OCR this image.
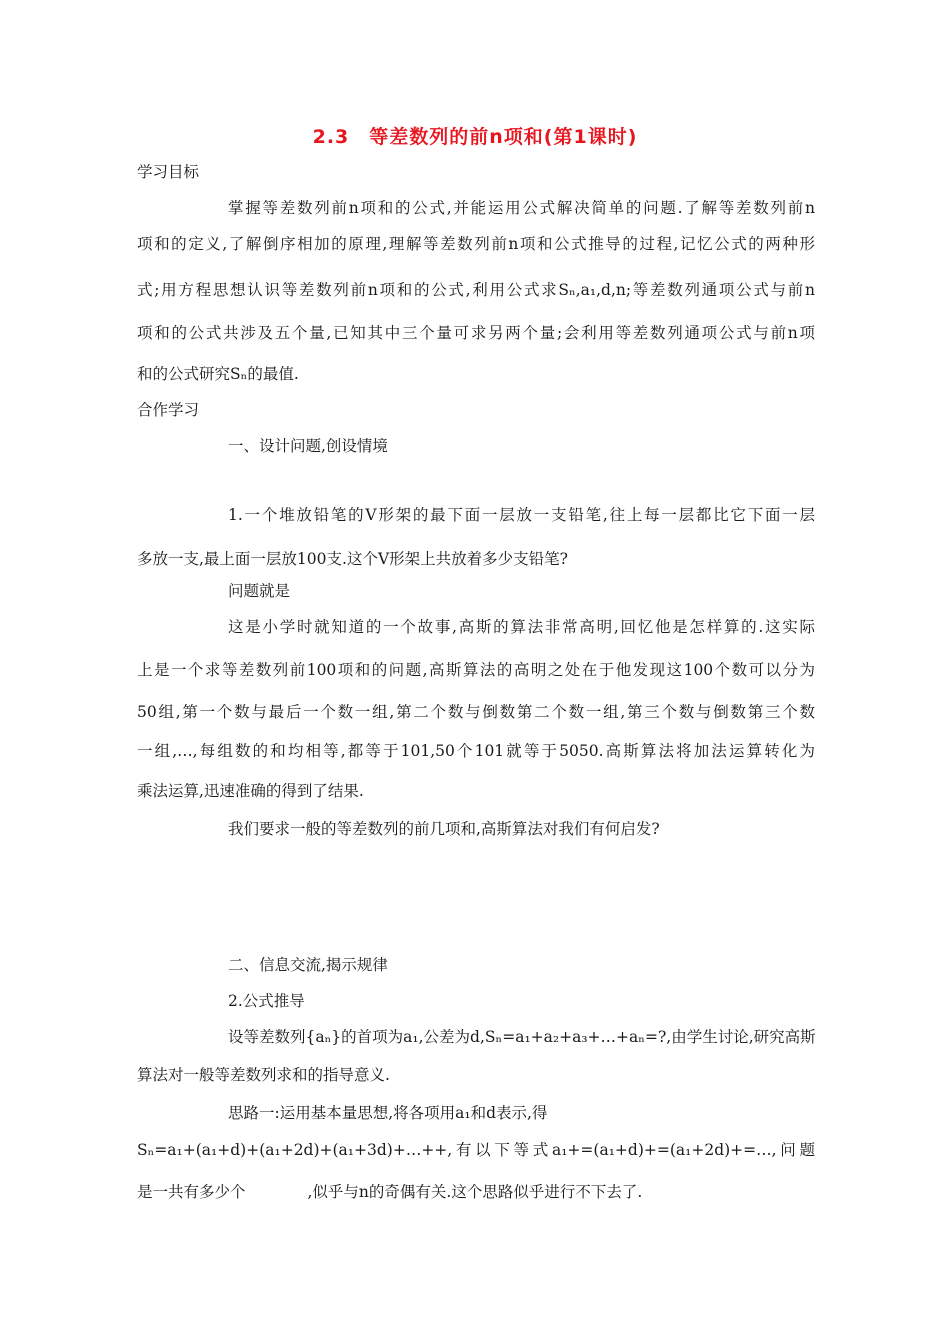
2.3　等差数列的前n项和(第1课时)
学习目标
掌握等差数列前n项和的公式,并能运用公式解决简单的问题.了解等差数列前n
项和的定义,了解倒序相加的原理,理解等差数列前n项和公式推导的过程,记忆公式的两种形
式;用方程思想认识等差数列前n项和的公式,利用公式求Sₙ,a₁,d,n;等差数列通项公式与前n
项和的公式共涉及五个量,已知其中三个量可求另两个量;会利用等差数列通项公式与前n项
和的公式研究Sₙ的最值.
合作学习
一、设计问题,创设情境
1.一个堆放铅笔的V形架的最下面一层放一支铅笔,往上每一层都比它下面一层
多放一支,最上面一层放100支.这个V形架上共放着多少支铅笔?
问题就是
这是小学时就知道的一个故事,高斯的算法非常高明,回忆他是怎样算的.这实际
上是一个求等差数列前100项和的问题,高斯算法的高明之处在于他发现这100个数可以分为
50组,第一个数与最后一个数一组,第二个数与倒数第二个数一组,第三个数与倒数第三个数
一组,…,每组数的和均相等,都等于101,50个101就等于5050.高斯算法将加法运算转化为
乘法运算,迅速准确的得到了结果.
我们要求一般的等差数列的前几项和,高斯算法对我们有何启发?
二、信息交流,揭示规律
2.公式推导
设等差数列{aₙ}的首项为a₁,公差为d,Sₙ=a₁+a₂+a₃+…+aₙ=?,由学生讨论,研究高斯
算法对一般等差数列求和的指导意义.
思路一:运用基本量思想,将各项用a₁和d表示,得
Sₙ=a₁+(a₁+d)+(a₁+2d)+(a₁+3d)+…++,有以下等式a₁+=(a₁+d)+=(a₁+2d)+=…,问题
是一共有多少个　　　　,似乎与n的奇偶有关.这个思路似乎进行不下去了.
